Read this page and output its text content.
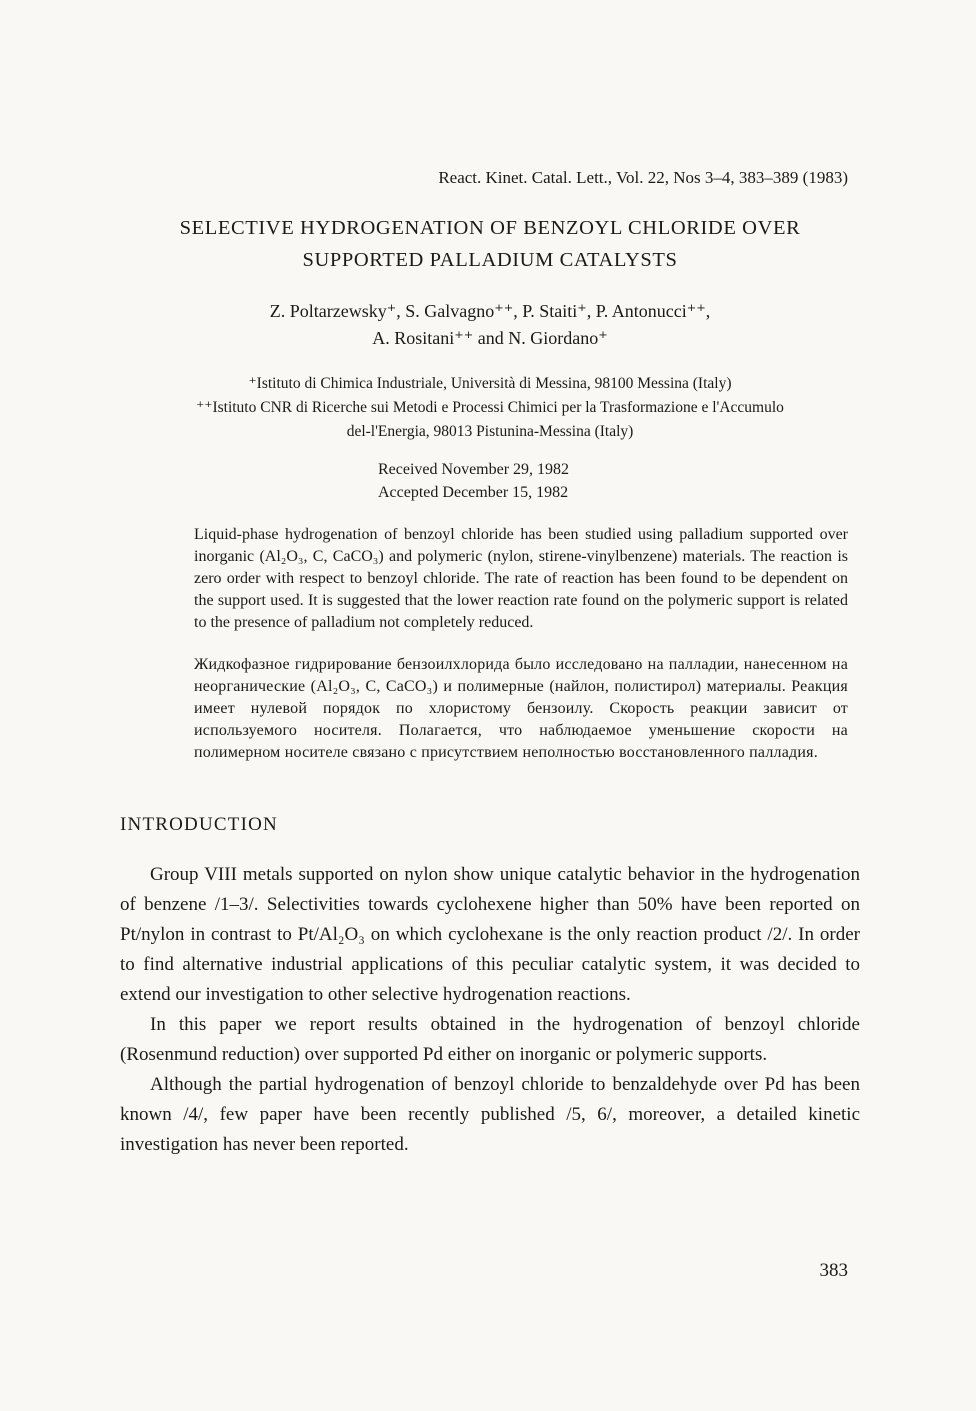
React. Kinet. Catal. Lett., Vol. 22, Nos 3–4, 383–389 (1983)
SELECTIVE HYDROGENATION OF BENZOYL CHLORIDE OVER
SUPPORTED PALLADIUM CATALYSTS
Z. Poltarzewsky⁺, S. Galvagno⁺⁺, P. Staiti⁺, P. Antonucci⁺⁺,
A. Rositani⁺⁺ and N. Giordano⁺
⁺Istituto di Chimica Industriale, Università di Messina, 98100 Messina (Italy)
⁺⁺Istituto CNR di Ricerche sui Metodi e Processi Chimici per la Trasformazione e l'Accumulo
del-l'Energia, 98013 Pistunina-Messina (Italy)
Received November 29, 1982
Accepted December 15, 1982

Liquid-phase hydrogenation of benzoyl chloride has been studied using palladium supported over inorganic (Al₂O₃, C, CaCO₃) and polymeric (nylon, stirene-vinylbenzene) materials. The reaction is zero order with respect to benzoyl chloride. The rate of reaction has been found to be dependent on the support used. It is suggested that the lower reaction rate found on the polymeric support is related to the presence of palladium not completely reduced.

Жидкофазное гидрирование бензоилхлорида было исследовано на палладии, нанесенном на неорганические (Al₂O₃, C, CaCO₃) и полимерные (найлон, полистирол) материалы. Реакция имеет нулевой порядок по хлористому бензоилу. Скорость реакции зависит от используемого носителя. Полагается, что наблюдаемое уменьшение скорости на полимерном носителе связано с присутствием неполностью восстановленного палладия.

INTRODUCTION

Group VIII metals supported on nylon show unique catalytic behavior in the hydrogenation of benzene /1–3/. Selectivities towards cyclohexene higher than 50% have been reported on Pt/nylon in contrast to Pt/Al₂O₃ on which cyclohexane is the only reaction product /2/. In order to find alternative industrial applications of this peculiar catalytic system, it was decided to extend our investigation to other selective hydrogenation reactions.

In this paper we report results obtained in the hydrogenation of benzoyl chloride (Rosenmund reduction) over supported Pd either on inorganic or polymeric supports.

Although the partial hydrogenation of benzoyl chloride to benzaldehyde over Pd has been known /4/, few paper have been recently published /5, 6/, moreover, a detailed kinetic investigation has never been reported.

383
